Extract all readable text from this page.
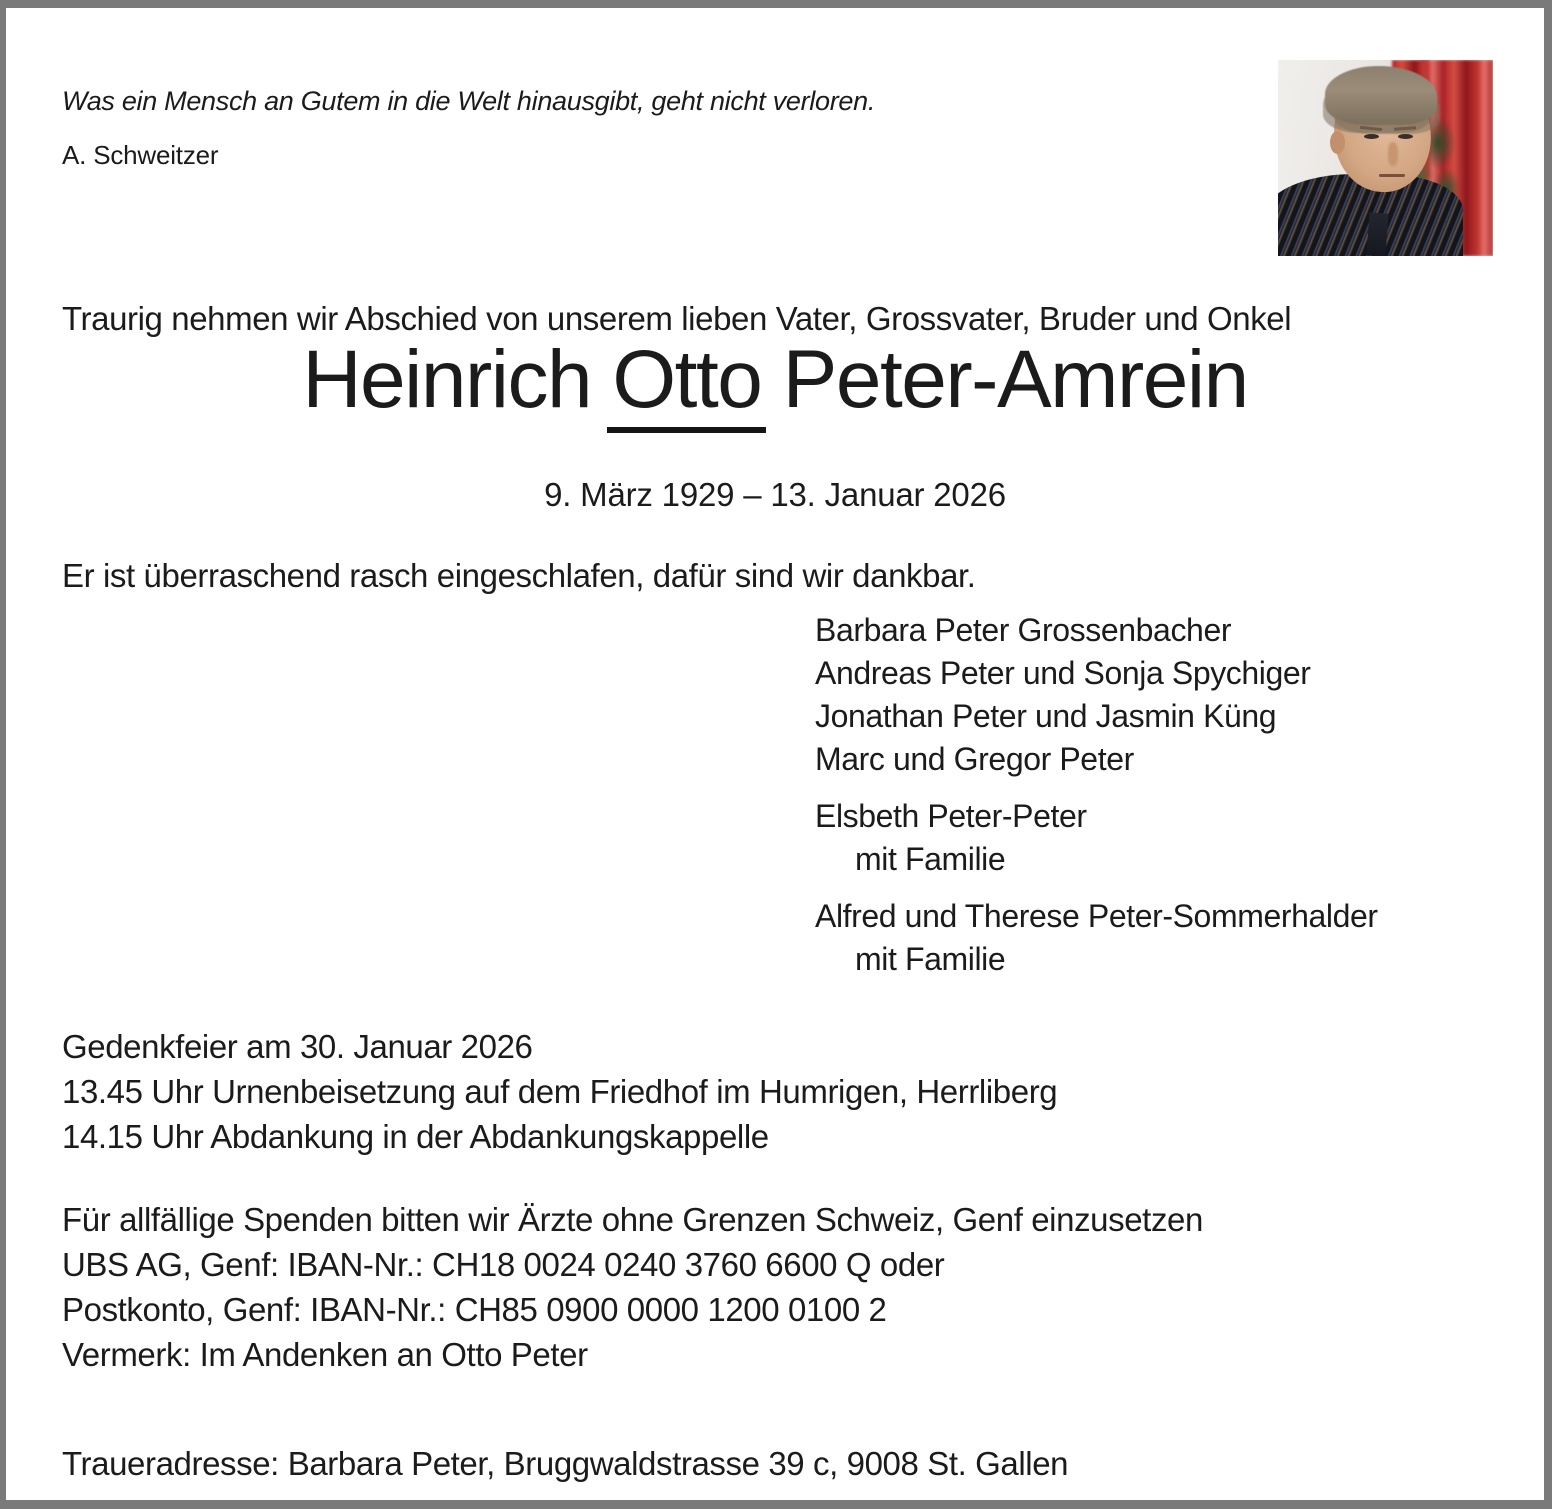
Was ein Mensch an Gutem in die Welt hinausgibt, geht nicht verloren.

A. Schweitzer

Traurig nehmen wir Abschied von unserem lieben Vater, Grossvater, Bruder und Onkel

Heinrich Otto Peter-Amrein

9. März 1929 – 13. Januar 2026

Er ist überraschend rasch eingeschlafen, dafür sind wir dankbar.

Barbara Peter Grossenbacher

Andreas Peter und Sonja Spychiger

Jonathan Peter und Jasmin Küng

Marc und Gregor Peter

Elsbeth Peter-Peter

mit Familie

Alfred und Therese Peter-Sommerhalder

mit Familie

Gedenkfeier am 30. Januar 2026

13.45 Uhr Urnenbeisetzung auf dem Friedhof im Humrigen, Herrliberg

14.15 Uhr Abdankung in der Abdankungskappelle

Für allfällige Spenden bitten wir Ärzte ohne Grenzen Schweiz, Genf einzusetzen

UBS AG, Genf: IBAN-Nr.: CH18 0024 0240 3760 6600 Q oder

Postkonto, Genf: IBAN-Nr.: CH85 0900 0000 1200 0100 2

Vermerk: Im Andenken an Otto Peter

Traueradresse: Barbara Peter, Bruggwaldstrasse 39 c, 9008 St. Gallen
